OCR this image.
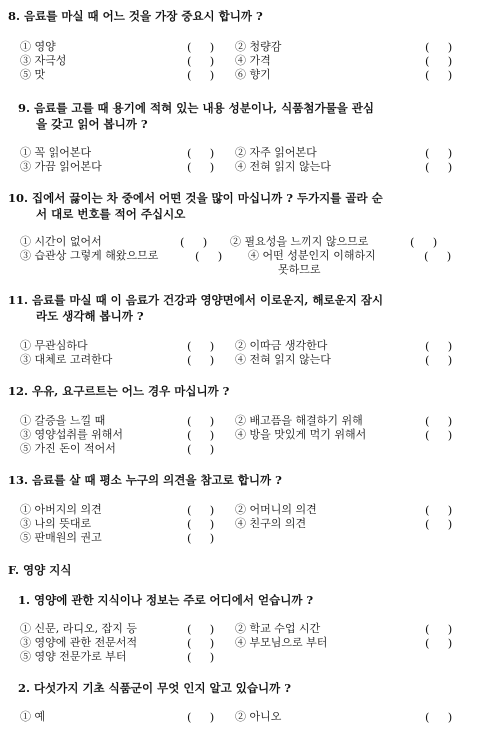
8. 음료를 마실 때 어느 것을 가장 중요시 합니까 ?
① 영양	(     ) ② 청량감	(     )
③ 자극성	(     ) ④ 가격	(     )
⑤ 맛	(     ) ⑥ 향기	(     )
9. 음료를 고를 때 용기에 적혀 있는 내용 성분이나, 식품첨가물을 관심
을 갖고 읽어 봅니까 ?
① 꼭 읽어본다	(     ) ② 자주 읽어본다	(     )
③ 가끔 읽어본다	(     ) ④ 전혀 읽지 않는다	(     )
10. 집에서 끓이는 차 중에서 어떤 것을 많이 마십니까 ? 두가지를 골라 순
서 대로 번호를 적어 주십시오
① 시간이 없어서	(     ) ② 필요성을 느끼지 않으므로	(     )
③ 습관상 그렇게 해왔으므로	(     ) ④ 어떤 성분인지 이해하지	(     )
못하므로
11. 음료를 마실 때 이 음료가 건강과 영양면에서 이로운지, 해로운지 잠시
라도 생각해 봅니까 ?
① 무관심하다	(     ) ② 이따금 생각한다	(     )
③ 대체로 고려한다	(     ) ④ 전혀 읽지 않는다	(     )
12. 우유, 요구르트는 어느 경우 마십니까 ?
① 갈증을 느낄 때	(     ) ② 배고픔을 해결하기 위해	(     )
③ 영양섭취를 위해서	(     ) ④ 방을 맛있게 먹기 위해서	(     )
⑤ 가진 돈이 적어서	(     )
13. 음료를 살 때 평소 누구의 의견을 참고로 합니까 ?
① 아버지의 의견	(     ) ② 어머니의 의견	(     )
③ 나의 뜻대로	(     ) ④ 친구의 의견	(     )
⑤ 판매원의 권고	(     )
F. 영양 지식
1. 영양에 관한 지식이나 정보는 주로 어디에서 얻습니까 ?
① 신문, 라디오, 잡지 등	(     ) ② 학교 수업 시간	(     )
③ 영양에 관한 전문서적	(     ) ④ 부모님으로 부터	(     )
⑤ 영양 전문가로 부터	(     )
2. 다섯가지 기초 식품군이 무엇 인지 알고 있습니까 ?
① 예	(     ) ② 아니오	(     )
